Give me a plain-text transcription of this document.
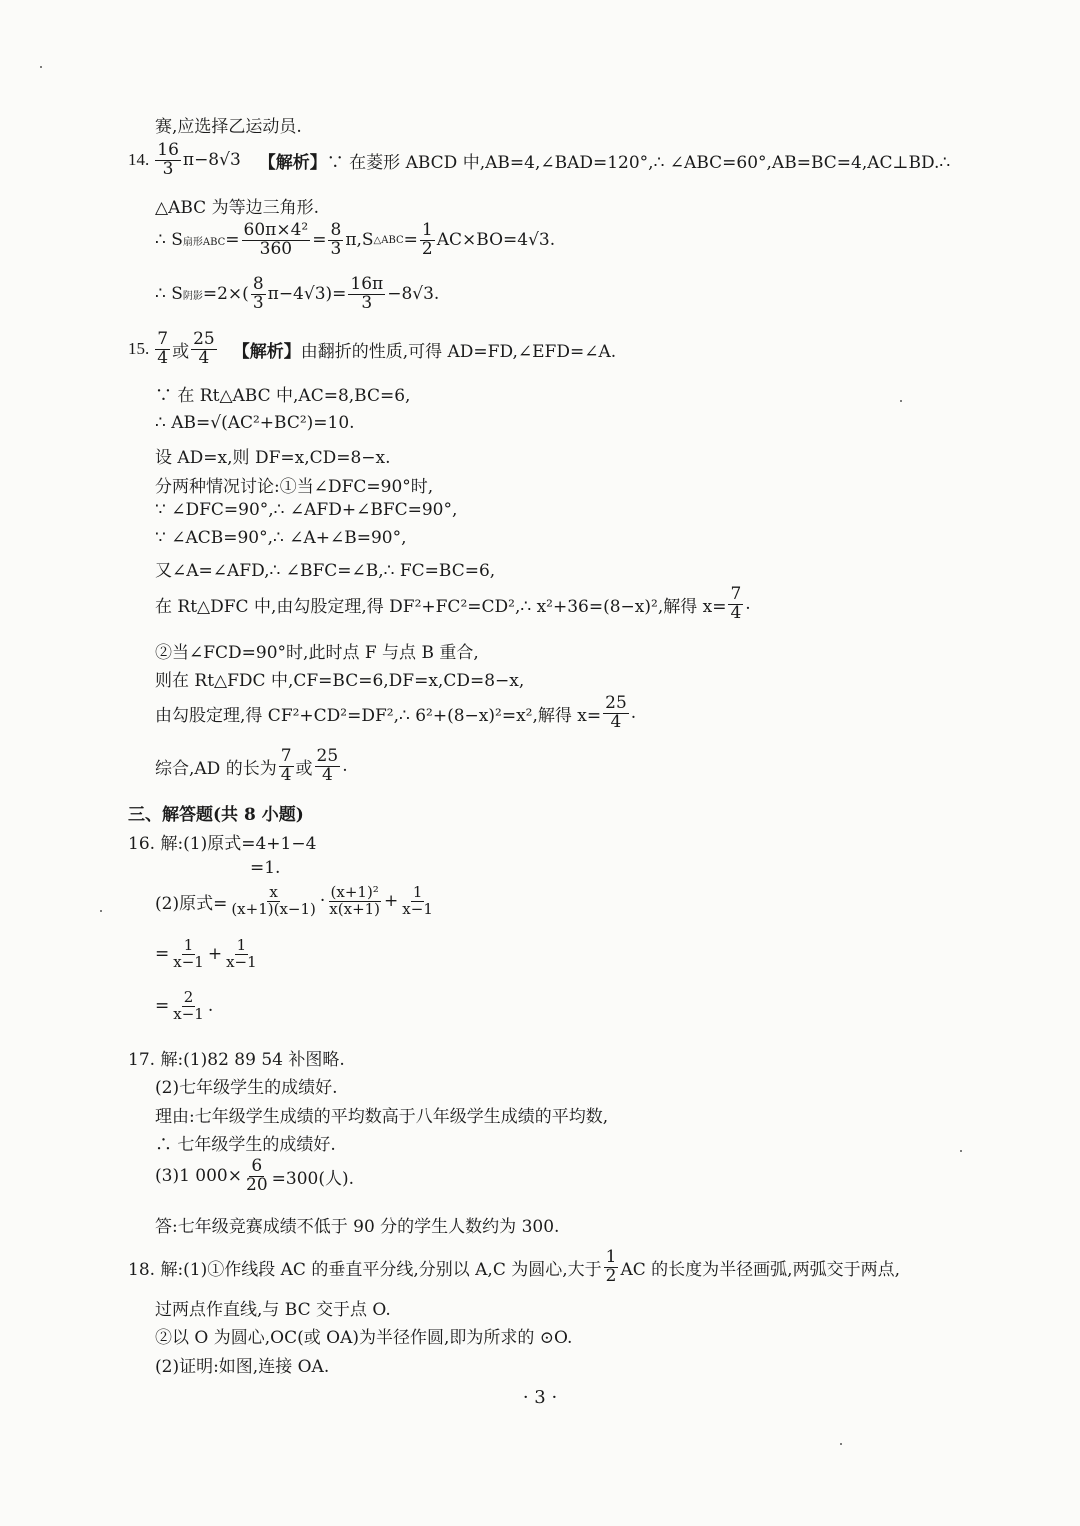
赛,应选择乙运动员.
14. $\frac{16}{3} \pi-8√3$ 【解析】 ∵ 在菱形 ABCD 中,AB=4,∠BAD=120°,∴ ∠ABC=60°,AB=BC=4,AC⊥BD.∴
△ABC 为等边三角形.
∴ S 扇形ABC = $\frac{\text{60π×4²}}{360} = \frac{8}{3} \pi,S$ △ABC = $\frac{1}{2} AC\times BO=4√3$.
∴ S 阴影 $=2\times( \frac{8}{3} \pi-4√3)= \frac{16\pi}{3} -8√3$.
15. $\frac{7}{4}$ 或 $\frac{25}{4}$ 【解析】 由翻折的性质,可得 AD=FD,∠EFD=∠A.
∵ 在 Rt△ABC 中,AC=8,BC=6,
∴ AB=√(AC²+BC²)=10.
设 AD=x,则 DF=x,CD=8−x.
分两种情况讨论:①当∠DFC=90°时,
∵ ∠DFC=90°,∴ ∠AFD+∠BFC=90°,
∵ ∠ACB=90°,∴ ∠A+∠B=90°,
又∠A=∠AFD,∴ ∠BFC=∠B,∴ FC=BC=6,
在 Rt△DFC 中,由勾股定理,得 DF²+FC²=CD²,∴ x²+36=(8−x)²,解得 $x= \frac{7}{4}$ .
②当∠FCD=90°时,此时点 F 与点 B 重合,
则在 Rt△FDC 中,CF=BC=6,DF=x,CD=8−x,
由勾股定理,得 CF²+CD²=DF²,∴ 6²+(8−x)²=x²,解得 $x= \frac{25}{4}$ .
综合,AD 的长为 $\frac{7}{4}$ 或 $\frac{25}{4}$ .
三、解答题(共 8 小题)
16. 解:(1)原式=4+1−4
=1.
(2)原式= $\frac{x}{(x+1)(x-1)} \cdot \frac{\text{(x+1)²}}{x(x+1)} + \frac{1}{x-1}$
= $\frac{1}{x-1} + \frac{1}{x-1}$
= $\frac{2}{x-1}$ .
17. 解:(1)82 89 54 补图略.
(2)七年级学生的成绩好.
理由:七年级学生成绩的平均数高于八年级学生成绩的平均数,
∴ 七年级学生的成绩好.
(3)1 $000\times \frac{6}{20} =300$(人).
答:七年级竞赛成绩不低于 90 分的学生人数约为 300.
18. 解:(1)①作线段 AC 的垂直平分线,分别以 A,C 为圆心,大于 $\frac{1}{2}$ AC 的长度为半径画弧,两弧交于两点,
过两点作直线,与 BC 交于点 O.
②以 O 为圆心,OC(或 OA)为半径作圆,即为所求的 ⊙O.
(2)证明:如图,连接 OA.
· 3 ·
